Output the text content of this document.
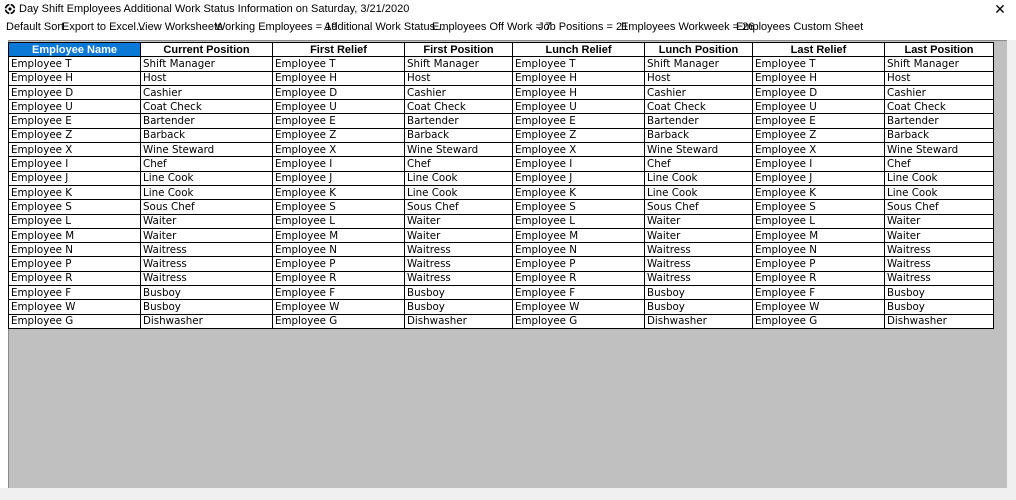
Day Shift Employees Additional Work Status Information on Saturday, 3/21/2020	✕
Default Sort
Export to Excel...
View Worksheets
Working Employees = 19
Additional Work Status...
Employees Off Work = 7
Job Positions = 21
Employees Workweek = 26
Employees Custom Sheet
Employee Name	Current Position	First Relief	First Position	Lunch Relief	Lunch Position	Last Relief	Last Position
Employee T	Shift Manager	Employee T	Shift Manager	Employee T	Shift Manager	Employee T	Shift Manager
Employee H	Host	Employee H	Host	Employee H	Host	Employee H	Host
Employee D	Cashier	Employee D	Cashier	Employee H	Cashier	Employee D	Cashier
Employee U	Coat Check	Employee U	Coat Check	Employee U	Coat Check	Employee U	Coat Check
Employee E	Bartender	Employee E	Bartender	Employee E	Bartender	Employee E	Bartender
Employee Z	Barback	Employee Z	Barback	Employee Z	Barback	Employee Z	Barback
Employee X	Wine Steward	Employee X	Wine Steward	Employee X	Wine Steward	Employee X	Wine Steward
Employee I	Chef	Employee I	Chef	Employee I	Chef	Employee I	Chef
Employee J	Line Cook	Employee J	Line Cook	Employee J	Line Cook	Employee J	Line Cook
Employee K	Line Cook	Employee K	Line Cook	Employee K	Line Cook	Employee K	Line Cook
Employee S	Sous Chef	Employee S	Sous Chef	Employee S	Sous Chef	Employee S	Sous Chef
Employee L	Waiter	Employee L	Waiter	Employee L	Waiter	Employee L	Waiter
Employee M	Waiter	Employee M	Waiter	Employee M	Waiter	Employee M	Waiter
Employee N	Waitress	Employee N	Waitress	Employee N	Waitress	Employee N	Waitress
Employee P	Waitress	Employee P	Waitress	Employee P	Waitress	Employee P	Waitress
Employee R	Waitress	Employee R	Waitress	Employee R	Waitress	Employee R	Waitress
Employee F	Busboy	Employee F	Busboy	Employee F	Busboy	Employee F	Busboy
Employee W	Busboy	Employee W	Busboy	Employee W	Busboy	Employee W	Busboy
Employee G	Dishwasher	Employee G	Dishwasher	Employee G	Dishwasher	Employee G	Dishwasher
